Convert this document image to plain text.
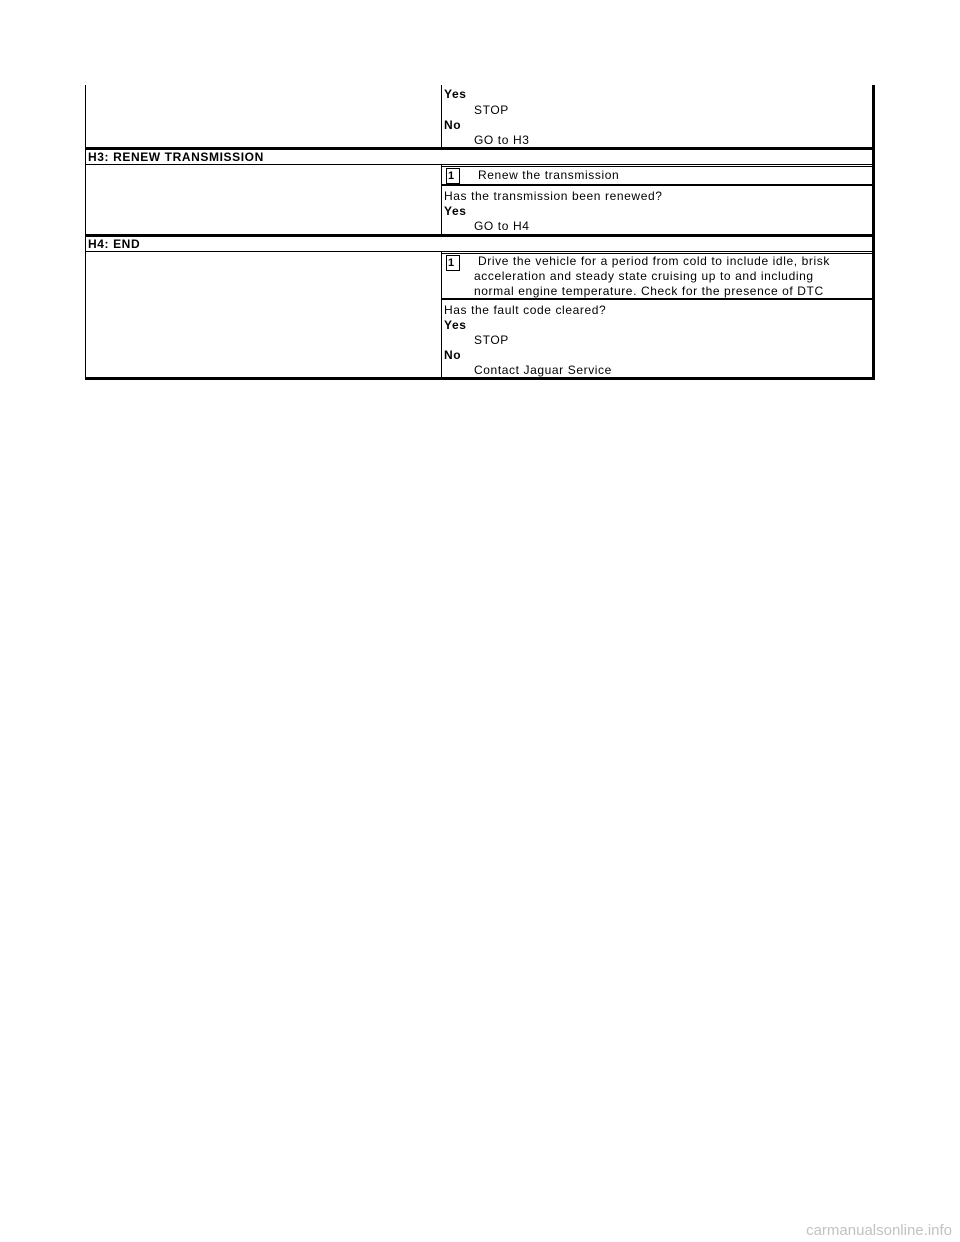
Yes
STOP
No
GO to H3
H3: RENEW TRANSMISSION
1	Renew the transmission
Has the transmission been renewed?
Yes
GO to H4
H4: END
1	Drive the vehicle for a period from cold to include idle, brisk
acceleration and steady state cruising up to and including
normal engine temperature. Check for the presence of DTC
Has the fault code cleared?
Yes
STOP
No
Contact Jaguar Service
carmanualsonline.info
